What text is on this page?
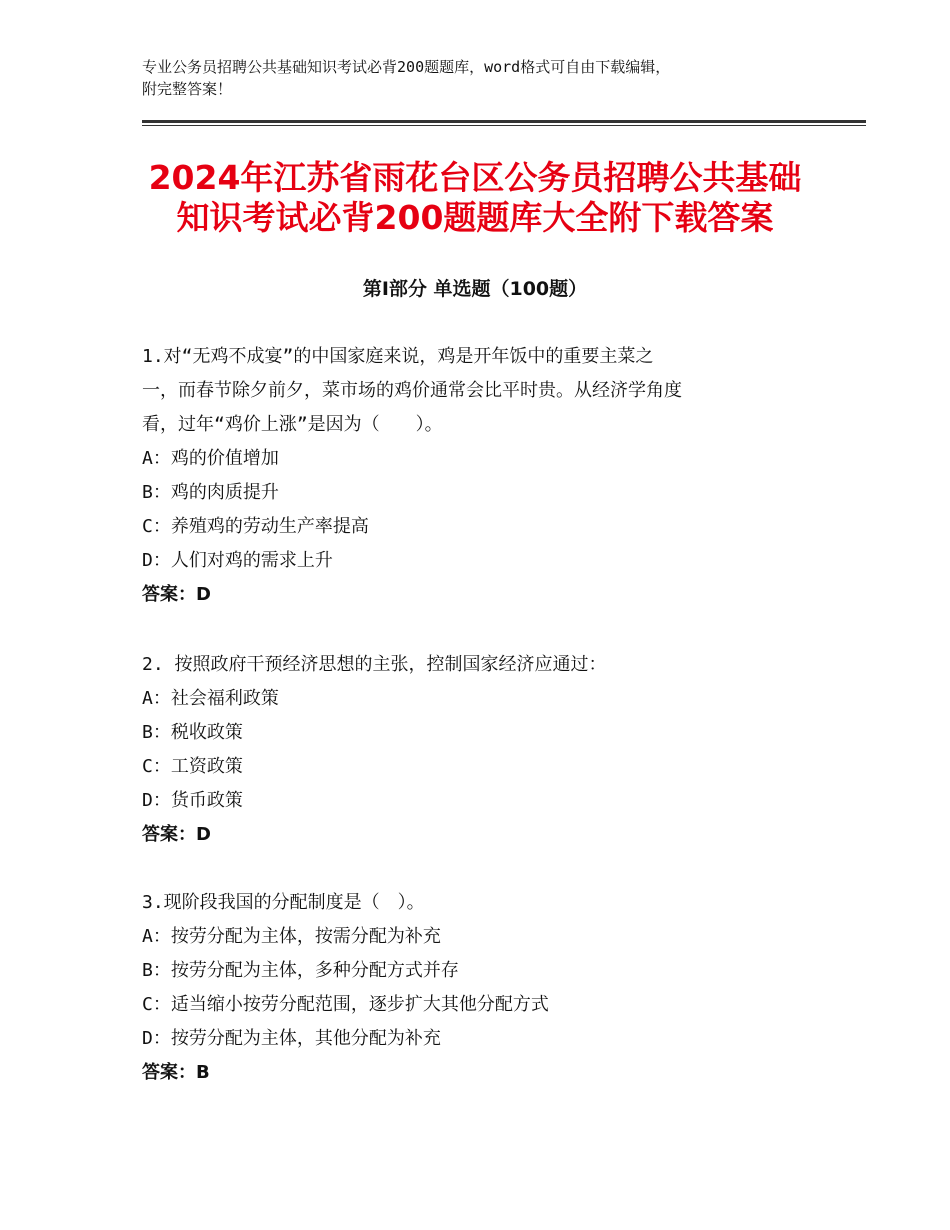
专业公务员招聘公共基础知识考试必背200题题库，word格式可自由下载编辑，
附完整答案！
2024年江苏省雨花台区公务员招聘公共基础
知识考试必背200题题库大全附下载答案
第Ⅰ部分 单选题（100题）
1.对“无鸡不成宴”的中国家庭来说，鸡是开年饭中的重要主菜之
一，而春节除夕前夕，菜市场的鸡价通常会比平时贵。从经济学角度
看，过年“鸡价上涨”是因为（　　）。
A：鸡的价值增加
B：鸡的肉质提升
C：养殖鸡的劳动生产率提高
D：人们对鸡的需求上升
答案：D
2. 按照政府干预经济思想的主张，控制国家经济应通过：
A：社会福利政策
B：税收政策
C：工资政策
D：货币政策
答案：D
3.现阶段我国的分配制度是（　）。
A：按劳分配为主体，按需分配为补充
B：按劳分配为主体，多种分配方式并存
C：适当缩小按劳分配范围，逐步扩大其他分配方式
D：按劳分配为主体，其他分配为补充
答案：B
